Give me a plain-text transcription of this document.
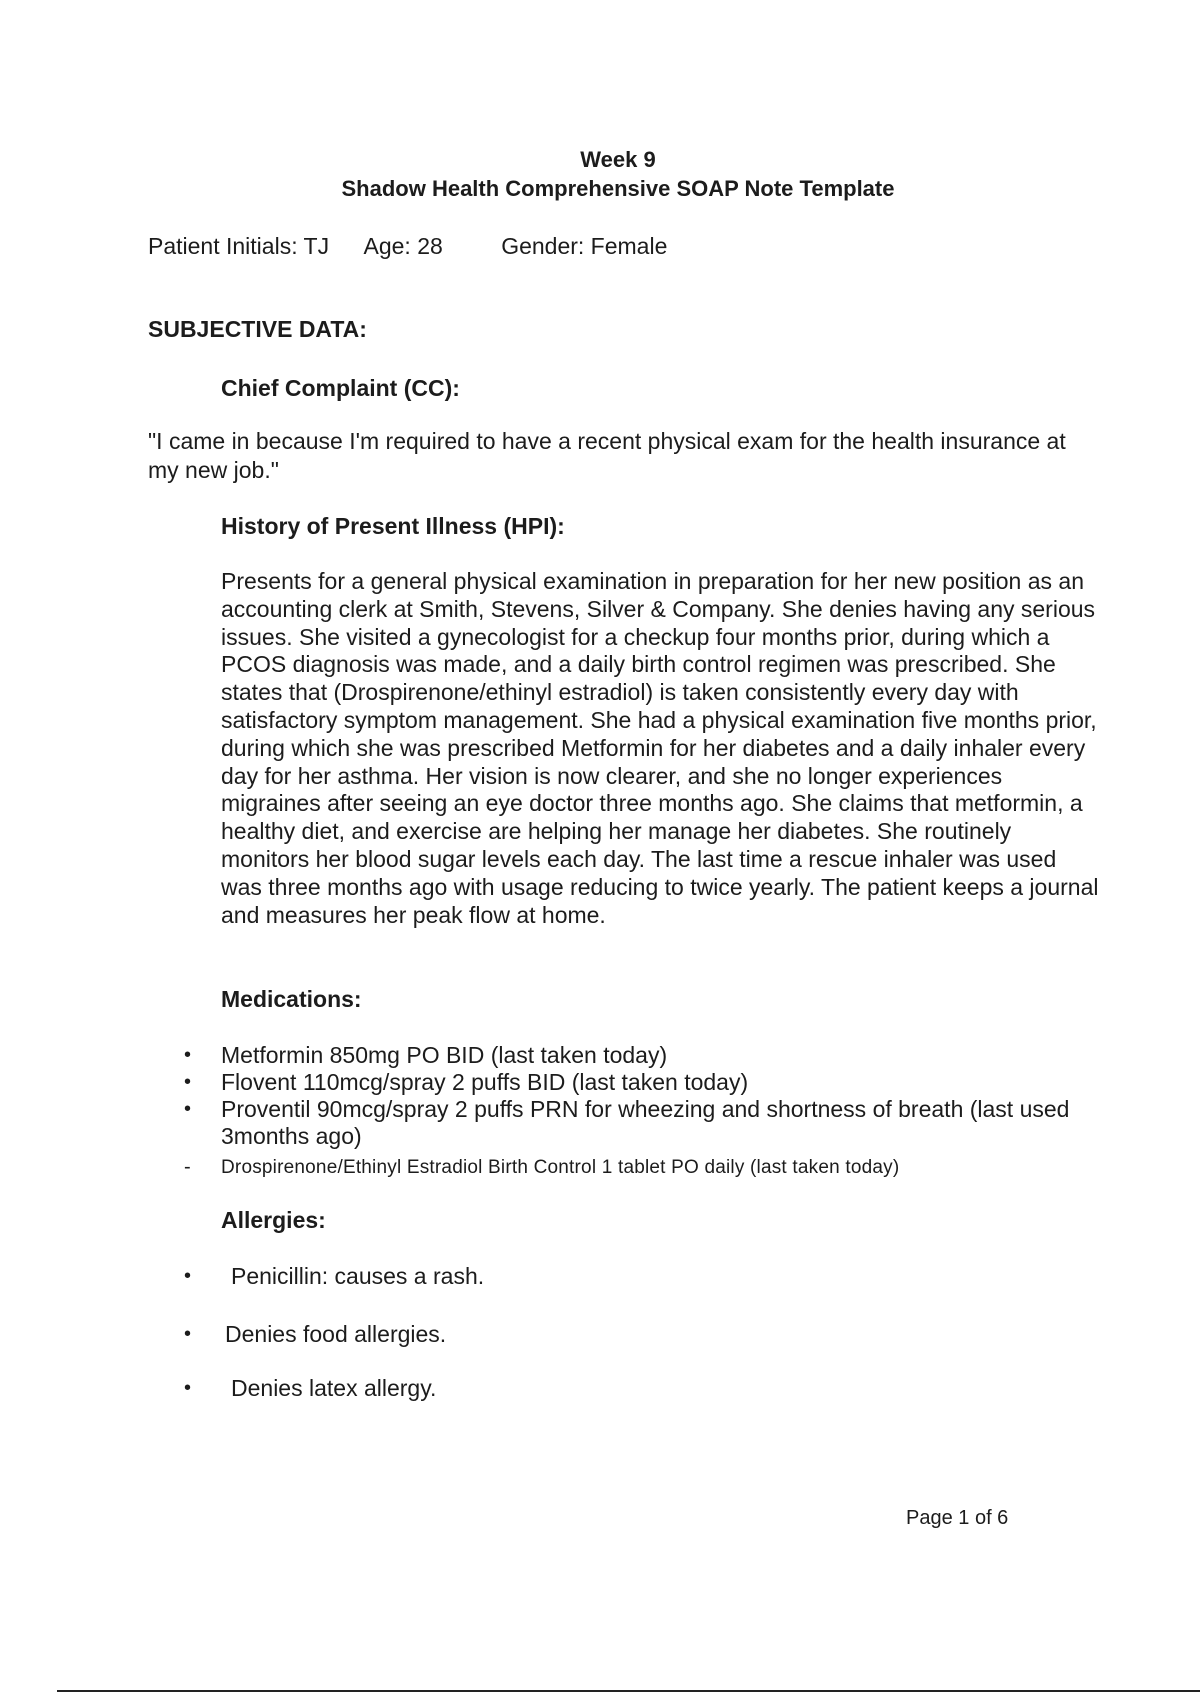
Week 9
Shadow Health Comprehensive SOAP Note Template
Patient Initials: TJ Age: 28	Gender: Female
SUBJECTIVE DATA:
Chief Complaint (CC):
"I came in because I'm required to have a recent physical exam for the health insurance at my new job."
History of Present Illness (HPI):
Presents for a general physical examination in preparation for her new position as an accounting clerk at Smith, Stevens, Silver & Company. She denies having any serious issues. She visited a gynecologist for a checkup four months prior, during which a PCOS diagnosis was made, and a daily birth control regimen was prescribed. She states that (Drospirenone/ethinyl estradiol) is taken consistently every day with satisfactory symptom management. She had a physical examination five months prior, during which she was prescribed Metformin for her diabetes and a daily inhaler every day for her asthma. Her vision is now clearer, and she no longer experiences migraines after seeing an eye doctor three months ago. She claims that metformin, a healthy diet, and exercise are helping her manage her diabetes. She routinely monitors her blood sugar levels each day. The last time a rescue inhaler was used was three months ago with usage reducing to twice yearly. The patient keeps a journal and measures her peak flow at home.
Medications:
• Metformin 850mg PO BID (last taken today)
• Flovent 110mcg/spray 2 puffs BID (last taken today)
• Proventil 90mcg/spray 2 puffs PRN for wheezing and shortness of breath (last used 3months ago)
- Drospirenone/Ethinyl Estradiol Birth Control 1 tablet PO daily (last taken today)
Allergies:
• Penicillin: causes a rash.
• Denies food allergies.
• Denies latex allergy.
Page 1 of 6
